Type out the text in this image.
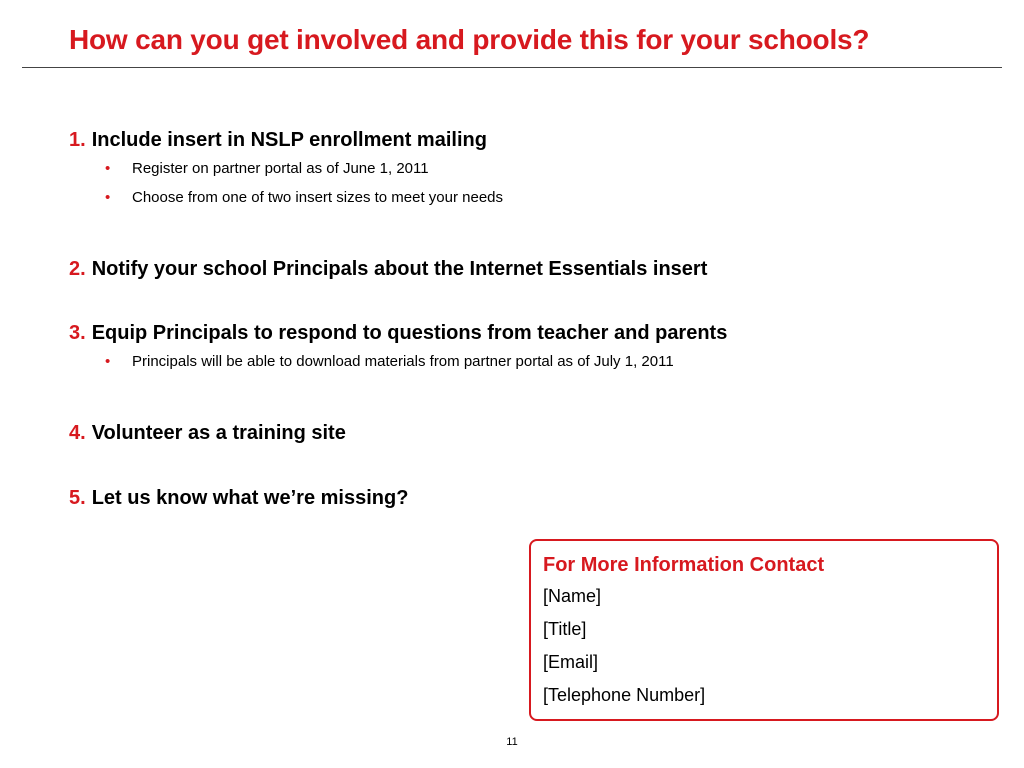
How can you get involved and provide this for your schools?
1. Include insert in NSLP enrollment mailing
• Register on partner portal as of June 1, 2011
• Choose from one of two insert sizes to meet your needs
2. Notify your school Principals about the Internet Essentials insert
3. Equip Principals to respond to questions from teacher and parents
• Principals will be able to download materials from partner portal as of July 1, 2011
4. Volunteer as a training site
5. Let us know what we’re missing?
For More Information Contact
[Name]
[Title]
[Email]
[Telephone Number]
11
